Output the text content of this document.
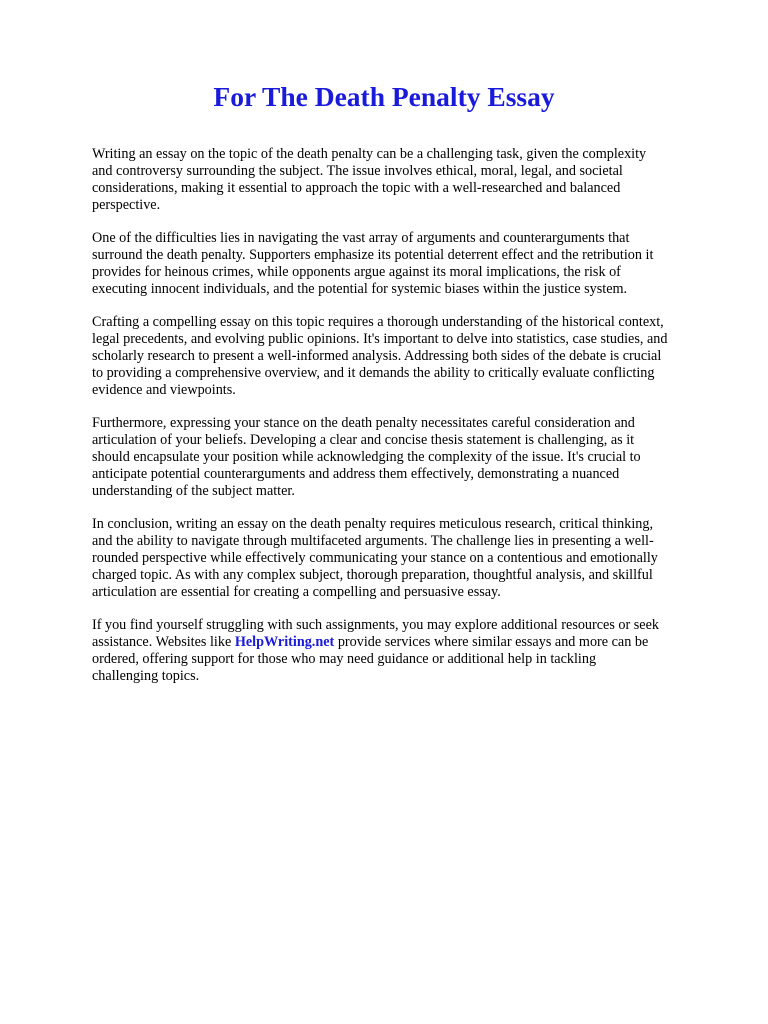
For The Death Penalty Essay

Writing an essay on the topic of the death penalty can be a challenging task, given the complexity
and controversy surrounding the subject. The issue involves ethical, moral, legal, and societal
considerations, making it essential to approach the topic with a well-researched and balanced
perspective.

One of the difficulties lies in navigating the vast array of arguments and counterarguments that
surround the death penalty. Supporters emphasize its potential deterrent effect and the retribution it
provides for heinous crimes, while opponents argue against its moral implications, the risk of
executing innocent individuals, and the potential for systemic biases within the justice system.

Crafting a compelling essay on this topic requires a thorough understanding of the historical context,
legal precedents, and evolving public opinions. It's important to delve into statistics, case studies, and
scholarly research to present a well-informed analysis. Addressing both sides of the debate is crucial
to providing a comprehensive overview, and it demands the ability to critically evaluate conflicting
evidence and viewpoints.

Furthermore, expressing your stance on the death penalty necessitates careful consideration and
articulation of your beliefs. Developing a clear and concise thesis statement is challenging, as it
should encapsulate your position while acknowledging the complexity of the issue. It's crucial to
anticipate potential counterarguments and address them effectively, demonstrating a nuanced
understanding of the subject matter.

In conclusion, writing an essay on the death penalty requires meticulous research, critical thinking,
and the ability to navigate through multifaceted arguments. The challenge lies in presenting a well-
rounded perspective while effectively communicating your stance on a contentious and emotionally
charged topic. As with any complex subject, thorough preparation, thoughtful analysis, and skillful
articulation are essential for creating a compelling and persuasive essay.

If you find yourself struggling with such assignments, you may explore additional resources or seek
assistance. Websites like HelpWriting.net provide services where similar essays and more can be
ordered, offering support for those who may need guidance or additional help in tackling
challenging topics.
